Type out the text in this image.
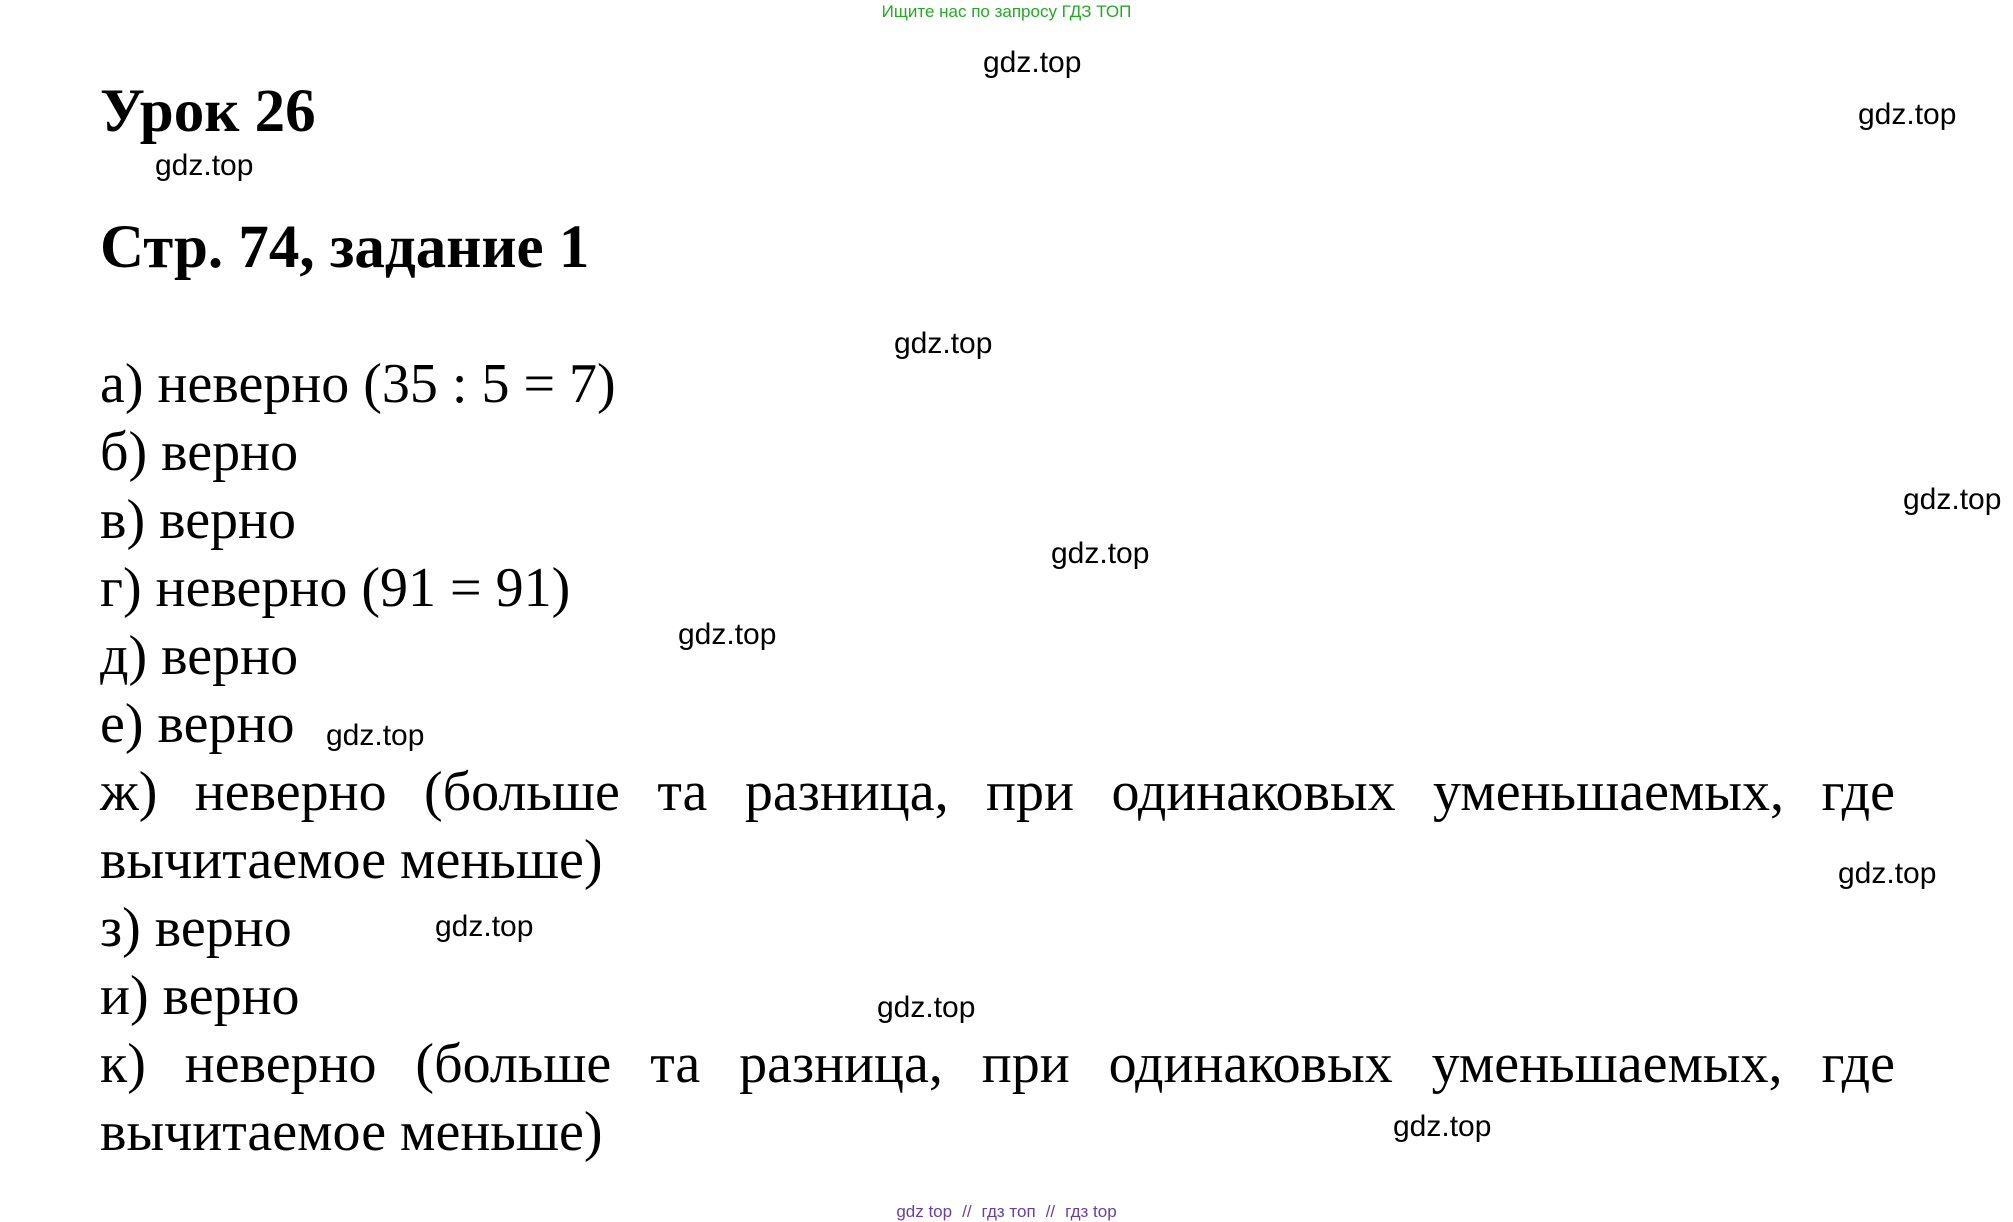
Ищите нас по запросу ГДЗ ТОП
Урок 26
Стр. 74, задание 1
а) неверно (35 : 5 = 7)
б) верно
в) верно
г) неверно (91 = 91)
д) верно
е) верно
ж) неверно (больше та разница, при одинаковых уменьшаемых, где вычитаемое меньше)
з) верно
и) верно
к) неверно (больше та разница, при одинаковых уменьшаемых, где вычитаемое меньше)
gdz.top
gdz.top
gdz.top
gdz.top
gdz.top
gdz.top
gdz.top
gdz.top
gdz.top
gdz.top
gdz.top
gdz.top
gdz top // гдз топ // гдз top
